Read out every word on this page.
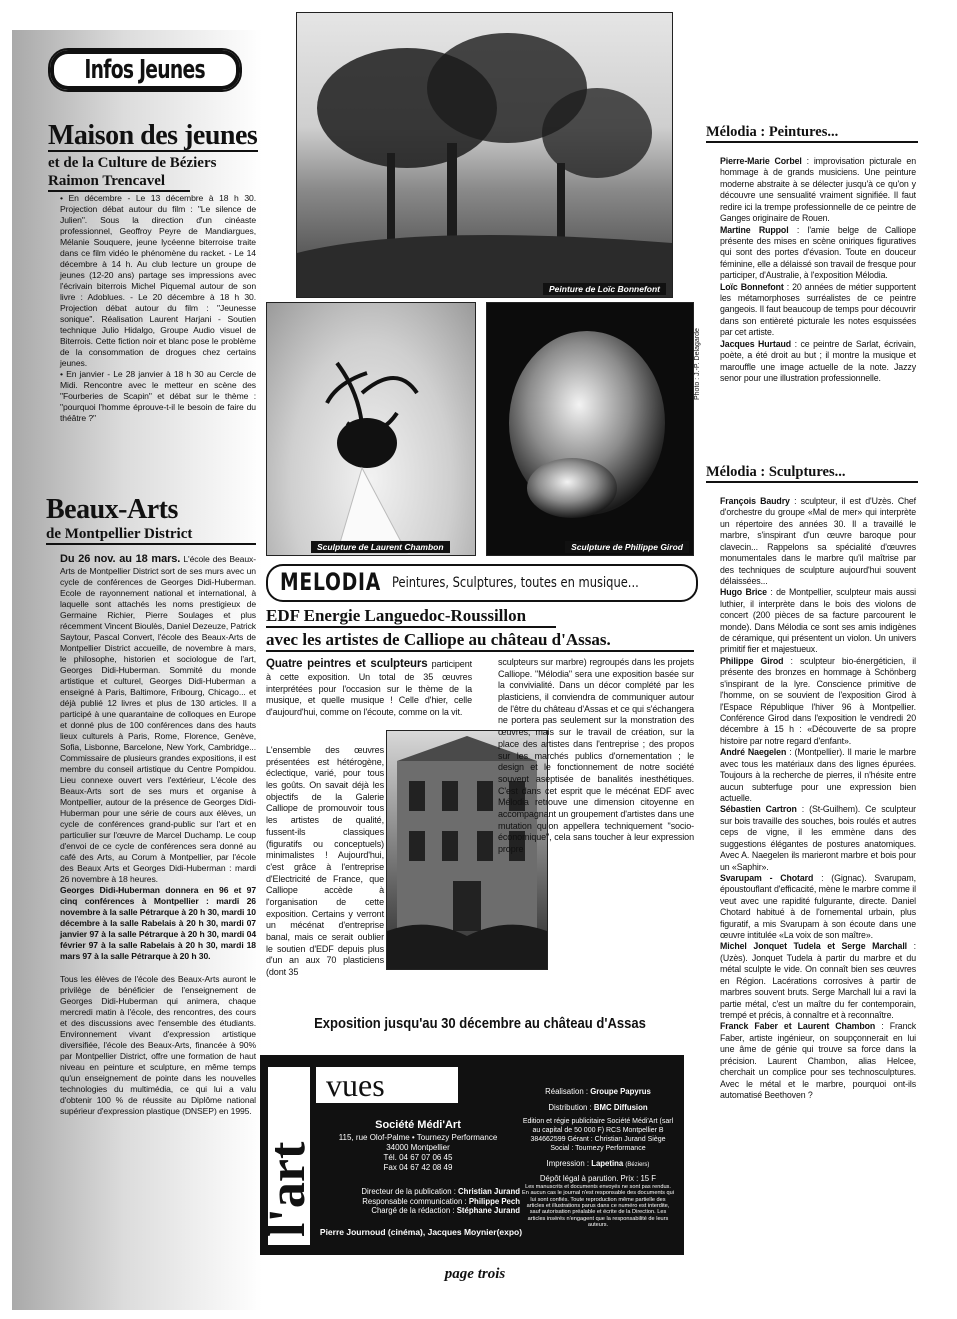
Infos Jeunes
Maison des jeunes
et de la Culture de Béziers
Raimon Trencavel

• En décembre - Le 13 décembre à 18 h 30. Projection débat autour du film : "Le silence de Julien". Sous la direction d'un cinéaste professionnel, Geoffroy Peyre de Mandiargues, Mélanie Souquere, jeune lycéenne biterroise traite dans ce film vidéo le phénomène du racket. - Le 14 décembre à 14 h. Au club lecture un groupe de jeunes (12-20 ans) partage ses impressions avec l'écrivain biterrois Michel Piquemal autour de son livre : Adoblues. - Le 20 décembre à 18 h 30. Projection débat autour du film : "Jeunesse sonique". Réalisation Laurent Harjani - Soutien technique Julio Hidalgo, Groupe Audio visuel de Biterrois. Cette fiction noir et blanc pose le problème de la consommation de drogues chez certains jeunes.

• En janvier - Le 28 janvier à 18 h 30 au Cercle de Midi. Rencontre avec le metteur en scène des "Fourberies de Scapin" et débat sur le thème : "pourquoi l'homme éprouve-t-il le besoin de faire du théâtre ?"

Beaux-Arts
de Montpellier District

Du 26 nov. au 18 mars. L'école des Beaux-Arts de Montpellier District sort de ses murs avec un cycle de conférences de Georges Didi-Huberman. Ecole de rayonnement national et international, à laquelle sont attachés les noms prestigieux de Germaine Richier, Pierre Soulages et plus récemment Vincent Bioulès, Daniel Dezeuze, Patrick Saytour, Pascal Convert, l'école des Beaux-Arts de Montpellier District accueille, de novembre à mars, le philosophe, historien et sociologue de l'art, Georges Didi-Huberman. Sommité du monde artistique et culturel, Georges Didi-Huberman a enseigné à Paris, Baltimore, Fribourg, Chicago... et déjà publié 12 livres et plus de 130 articles. Il a participé à une quarantaine de colloques en Europe et donné plus de 100 conférences dans des hauts lieux culturels à Paris, Rome, Florence, Genève, Sofia, Lisbonne, Barcelone, New York, Cambridge... Commissaire de plusieurs grandes expositions, il est membre du conseil artistique du Centre Pompidou. Lieu connexe ouvert vers l'extérieur, L'école des Beaux-Arts sort de ses murs et organise à Montpellier, autour de la présence de Georges Didi-Huberman pour une série de cours aux élèves, un cycle de conférences grand-public sur l'art et en particulier sur l'œuvre de Marcel Duchamp. Le coup d'envoi de ce cycle de conférences sera donné au café des Arts, au Corum à Montpellier, par l'école des Beaux Arts et Georges Didi-Huberman : mardi 26 novembre à 18 heures.

Georges Didi-Huberman donnera en 96 et 97 cinq conférences à Montpellier : mardi 26 novembre à la salle Pétrarque à 20 h 30, mardi 10 décembre à la salle Rabelais à 20 h 30, mardi 07 janvier 97 à la salle Pétrarque à 20 h 30, mardi 04 février 97 à la salle Rabelais à 20 h 30, mardi 18 mars 97 à la salle Pétrarque à 20 h 30.

Tous les élèves de l'école des Beaux-Arts auront le privilège de bénéficier de l'enseignement de Georges Didi-Huberman qui animera, chaque mercredi matin à l'école, des rencontres, des cours et des discussions avec l'ensemble des étudiants. Environnement vivant d'expression artistique diversifiée, l'école des Beaux-Arts, financée à 90% par Montpellier District, offre une formation de haut niveau en peinture et sculpture, en même temps qu'un enseignement de pointe dans les nouvelles technologies du multimédia, ce qui lui a valu d'obtenir 100 % de réussite au Diplôme national supérieur d'expression plastique (DNSEP) en 1995.

Peinture de Loïc Bonnefont
Sculpture de Laurent Chambon	Sculpture de Philippe Girod
Photo : J.-P. Delagarde
MELODIA Peintures, Sculptures, toutes en musique...
EDF Energie Languedoc-Roussillon
avec les artistes de Calliope au château d'Assas.

Quatre peintres et sculpteurs participent à cette exposition. Un total de 35 œuvres interprétées pour l'occasion sur le thème de la musique, et quelle musique ! Celle d'hier, celle d'aujourd'hui, comme on l'écoute, comme on la vit.

L'ensemble des œuvres présentées est hétérogène, éclectique, varié, pour tous les goûts. On savait déjà les objectifs de la Galerie Calliope de promouvoir tous les artistes de qualité, fussent-ils classiques (figuratifs ou conceptuels) minimalistes ! Aujourd'hui, c'est grâce à l'entreprise d'Electricité de France, que Calliope accède à l'organisation de cette exposition. Certains y verront un mécénat d'entreprise banal, mais ce serait oublier le soutien d'EDF depuis plus d'un an aux 70 plasticiens (dont 35

sculpteurs sur marbre) regroupés dans les projets Calliope. "Mélodia" sera une exposition basée sur la convivialité. Dans un décor complété par les plasticiens, il conviendra de communiquer autour de l'être du château d'Assas et ce qui s'échangera ne portera pas seulement sur la monstration des œuvres, mais sur le travail de création, sur la place des artistes dans l'entreprise ; des propos sur les marchés publics d'ornementation ; le design et le fonctionnement de notre société souvent aseptisée de banalités inesthétiques. C'est dans cet esprit que le mécénat EDF avec Mélodia retrouve une dimension citoyenne en accompagnant un groupement d'artistes dans une mutation qu'on appellera techniquement "socio-économique", cela sans toucher à leur expression propre

Exposition jusqu'au 30 décembre au château d'Assas
l'art
vues
Société Médi'Art
115, rue Olof-Palme • Tournezy Performance
34000 Montpellier
Tél. 04 67 07 06 45
Fax 04 67 42 08 49
Directeur de la publication : Christian Jurand
Responsable communication : Philippe Pech
Chargé de la rédaction : Stéphane Jurand
Pierre Journoud (cinéma), Jacques Moynier(expo)
Réalisation : Groupe Papyrus
Distribution : BMC Diffusion
Edition et régie publicitaire Société Médi'Art (sarl au capital de 50 000 F) RCS Montpellier B 384662599 Gérant : Christian Jurand Siège Social : Tournezy Performance
Impression : Lapetina (Béziers)
Dépôt légal à parution. Prix : 15 F
Les manuscrits et documents envoyés ne sont pas rendus. En aucun cas le journal n'est responsable des documents qui lui sont confiés. Toute reproduction même partielle des articles et illustrations parus dans ce numéro est interdite, sauf autorisation préalable et écrite de la Direction. Les articles insérés n'engagent que la responsabilité de leurs auteurs.
Mélodia : Peintures...

Pierre-Marie Corbel : improvisation picturale en hommage à de grands musiciens. Une peinture moderne abstraite à se délecter jusqu'à ce qu'on y découvre une sensualité vraiment signifiée. Il faut redire ici la trempe professionnelle de ce peintre de Ganges originaire de Rouen.

Martine Ruppol : l'amie belge de Calliope présente des mises en scène oniriques figuratives qui sont des portes d'évasion. Toute en douceur féminine, elle a délaissé son travail de fresque pour participer, d'Australie, à l'exposition Mélodia.

Loïc Bonnefont : 20 années de métier supportent les métamorphoses surréalistes de ce peintre gangeois. Il faut beaucoup de temps pour découvrir dans son entièreté picturale les notes esquissées par cet artiste.

Jacques Hurtaud : ce peintre de Sarlat, écrivain, poète, a été droit au but ; il montre la musique et marouffle une image actuelle de la note. Jazzy senor pour une illustration professionnelle.

Mélodia : Sculptures...

François Baudry : sculpteur, il est d'Uzès. Chef d'orchestre du groupe «Mal de mer» qui interprète un répertoire des années 30. Il a travaillé le marbre, s'inspirant d'un œuvre baroque pour clavecin... Rappelons sa spécialité d'œuvres monumentales dans le marbre qu'il maîtrise par des techniques de sculpture aujourd'hui souvent délaissées...

Hugo Brice : de Montpellier, sculpteur mais aussi luthier, il interprète dans le bois des violons de concert (200 pièces de sa facture parcourent le monde). Dans Mélodia ce sont ses amis indigènes de céramique, qui présentent un violon. Un univers primitif fier et majestueux.

Philippe Girod : sculpteur bio-énergéticien, il présente des bronzes en hommage à Schönberg s'inspirant de la lyre. Conscience primitive de l'homme, on se souvient de l'exposition Girod à l'Espace République l'hiver 96 à Montpellier. Conférence Girod dans l'exposition le vendredi 20 décembre à 15 h : «Découverte de sa propre histoire par notre regard d'enfant».

André Naegelen : (Montpellier). Il marie le marbre avec tous les matériaux dans des lignes épurées. Toujours à la recherche de pierres, il n'hésite entre aucun subterfuge pour une expression bien actuelle.

Sébastien Cartron : (St-Guilhem). Ce sculpteur sur bois travaille des souches, bois roulés et autres ceps de vigne, il les emmène dans des suggestions élégantes de postures anatomiques. Avec A. Naegelen ils marieront marbre et bois pour un «Saphir».

Svarupam - Chotard : (Gignac). Svarupam, époustouflant d'efficacité, mène le marbre comme il veut avec une rapidité fulgurante, directe. Daniel Chotard habitué à de l'ornemental urbain, plus figuratif, a mis Svarupam à son écoute dans une œuvre intitulée «La voix de son maître».

Michel Jonquet Tudela et Serge Marchall : (Uzès). Jonquet Tudela à partir du marbre et du métal sculpte le vide. On connaît bien ses œuvres en Région. Lacérations corrosives à partir de marbres souvent bruts. Serge Marchall lui a ravi la partie métal, c'est un maître du fer contemporain, trempé et précis, à connaître et à reconnaître.

Franck Faber et Laurent Chambon : Franck Faber, artiste ingénieur, on soupçonnerait en lui une âme de génie qui trouve sa force dans la précision. Laurent Chambon, alias Helcee, cherchait un complice pour ses technosculptures. Avec le métal et le marbre, pourquoi ont-ils automatisé Beethoven ?

page trois
